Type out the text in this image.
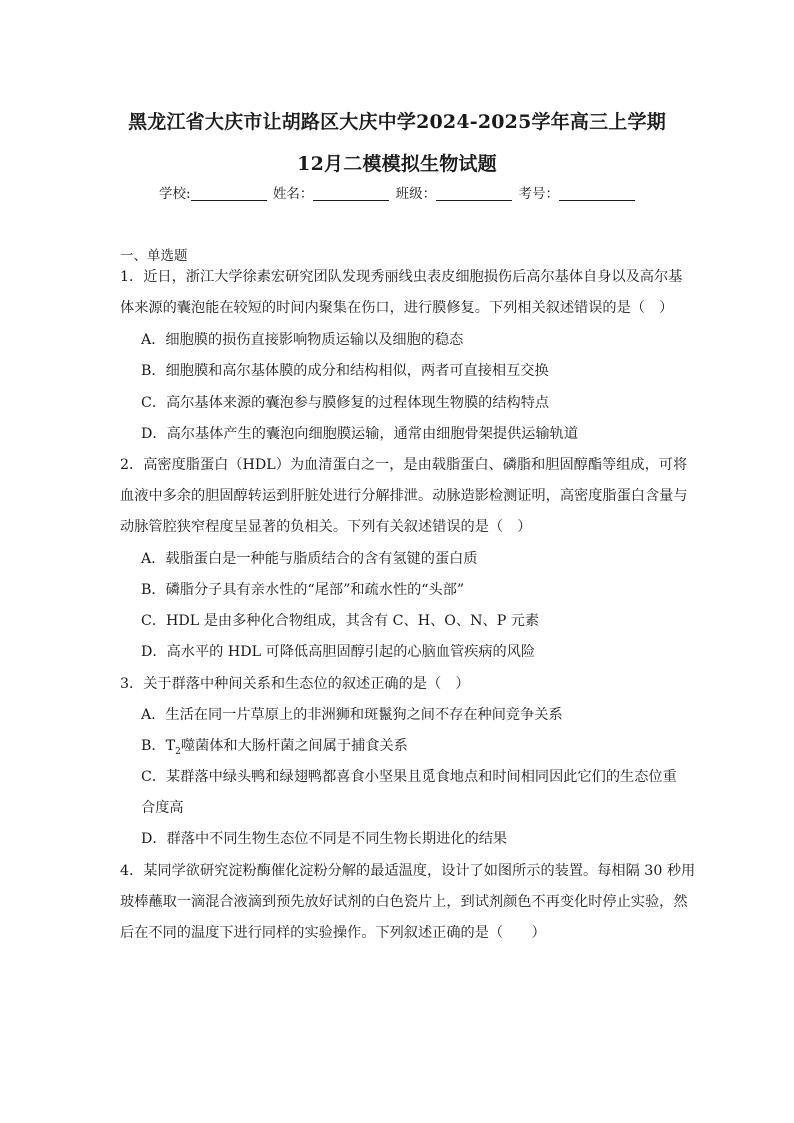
黑龙江省大庆市让胡路区大庆中学2024-2025学年高三上学期
12月二模模拟生物试题
学校:	姓名：	班级：	考号：
一、单选题
1．近日，浙江大学徐素宏研究团队发现秀丽线虫表皮细胞损伤后高尔基体自身以及高尔基
体来源的囊泡能在较短的时间内聚集在伤口，进行膜修复。下列相关叙述错误的是（　）
A．细胞膜的损伤直接影响物质运输以及细胞的稳态
B．细胞膜和高尔基体膜的成分和结构相似，两者可直接相互交换
C．高尔基体来源的囊泡参与膜修复的过程体现生物膜的结构特点
D．高尔基体产生的囊泡向细胞膜运输，通常由细胞骨架提供运输轨道
2．高密度脂蛋白（HDL）为血清蛋白之一，是由载脂蛋白、磷脂和胆固醇酯等组成，可将
血液中多余的胆固醇转运到肝脏处进行分解排泄。动脉造影检测证明，高密度脂蛋白含量与
动脉管腔狭窄程度呈显著的负相关。下列有关叙述错误的是（　）
A．载脂蛋白是一种能与脂质结合的含有氢键的蛋白质
B．磷脂分子具有亲水性的“尾部”和疏水性的“头部”
C．HDL 是由多种化合物组成，其含有 C、H、O、N、P 元素
D．高水平的 HDL 可降低高胆固醇引起的心脑血管疾病的风险
3．关于群落中种间关系和生态位的叙述正确的是（　）
A．生活在同一片草原上的非洲狮和斑鬣狗之间不存在种间竞争关系
B．$T_2$噬菌体和大肠杆菌之间属于捕食关系
C．某群落中绿头鸭和绿翅鸭都喜食小坚果且觅食地点和时间相同因此它们的生态位重
合度高
D．群落中不同生物生态位不同是不同生物长期进化的结果
4．某同学欲研究淀粉酶催化淀粉分解的最适温度，设计了如图所示的装置。每相隔 30 秒用
玻棒蘸取一滴混合液滴到预先放好试剂的白色瓷片上，到试剂颜色不再变化时停止实验，然
后在不同的温度下进行同样的实验操作。下列叙述正确的是（　　）
